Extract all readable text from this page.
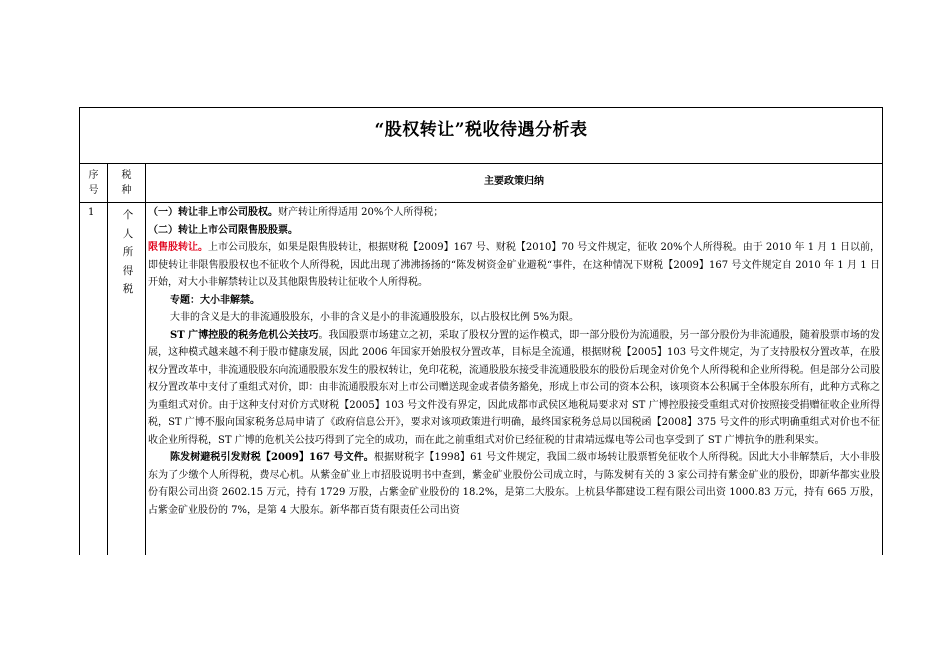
“股权转让”税收待遇分析表
序
号
税
种
主要政策归纳
1	个
人
所
得
税

（一）转让非上市公司股权。财产转让所得适用 20%个人所得税；

（二）转让上市公司限售股股票。

限售股转让。上市公司股东，如果是限售股转让，根据财税【2009】167 号、财税【2010】70 号文件规定，征收 20%个人所得税。由于 2010 年 1 月 1 日以前，即使转让非限售股股权也不征收个人所得税，因此出现了沸沸扬扬的“陈发树资金矿业避税“事件，在这种情况下财税【2009】167 号文件规定自 2010 年 1 月 1 日开始，对大小非解禁转让以及其他限售股转让征收个人所得税。

专题：大小非解禁。

大非的含义是大的非流通股股东，小非的含义是小的非流通股股东，以占股权比例 5%为限。

ST 广博控股的税务危机公关技巧。我国股票市场建立之初，采取了股权分置的运作模式，即一部分股份为流通股，另一部分股份为非流通股，随着股票市场的发展，这种模式越来越不利于股市健康发展，因此 2006 年国家开始股权分置改革，目标是全流通，根据财税【2005】103 号文件规定，为了支持股权分置改革，在股权分置改革中，非流通股股东向流通股股东发生的股权转让，免印花税，流通股股东接受非流通股股东的股份后现金对价免个人所得税和企业所得税。但是部分公司股权分置改革中支付了重组式对价，即：由非流通股股东对上市公司赠送现金或者债务豁免，形成上市公司的资本公积，该项资本公积属于全体股东所有，此种方式称之为重组式对价。由于这种支付对价方式财税【2005】103 号文件没有界定，因此成都市武侯区地税局要求对 ST 广博控股接受重组式对价按照接受捐赠征收企业所得税，ST 广博不服向国家税务总局申请了《政府信息公开》，要求对该项政策进行明确，最终国家税务总局以国税函【2008】375 号文件的形式明确重组式对价也不征收企业所得税，ST 广博的危机关公技巧得到了完全的成功，而在此之前重组式对价已经征税的甘肃靖远煤电等公司也享受到了 ST 广博抗争的胜利果实。

陈发树避税引发财税【2009】167 号文件。根据财税字【1998】61 号文件规定，我国二级市场转让股票暂免征收个人所得税。因此大小非解禁后，大小非股东为了少缴个人所得税，费尽心机。从紫金矿业上市招股说明书中查到，紫金矿业股份公司成立时，与陈发树有关的 3 家公司持有紫金矿业的股份，即新华都实业股份有限公司出资 2602.15 万元，持有 1729 万股，占紫金矿业股份的 18.2%，是第二大股东。上杭县华都建设工程有限公司出资 1000.83 万元，持有 665 万股，占紫金矿业股份的 7%，是第 4 大股东。新华都百货有限责任公司出资
